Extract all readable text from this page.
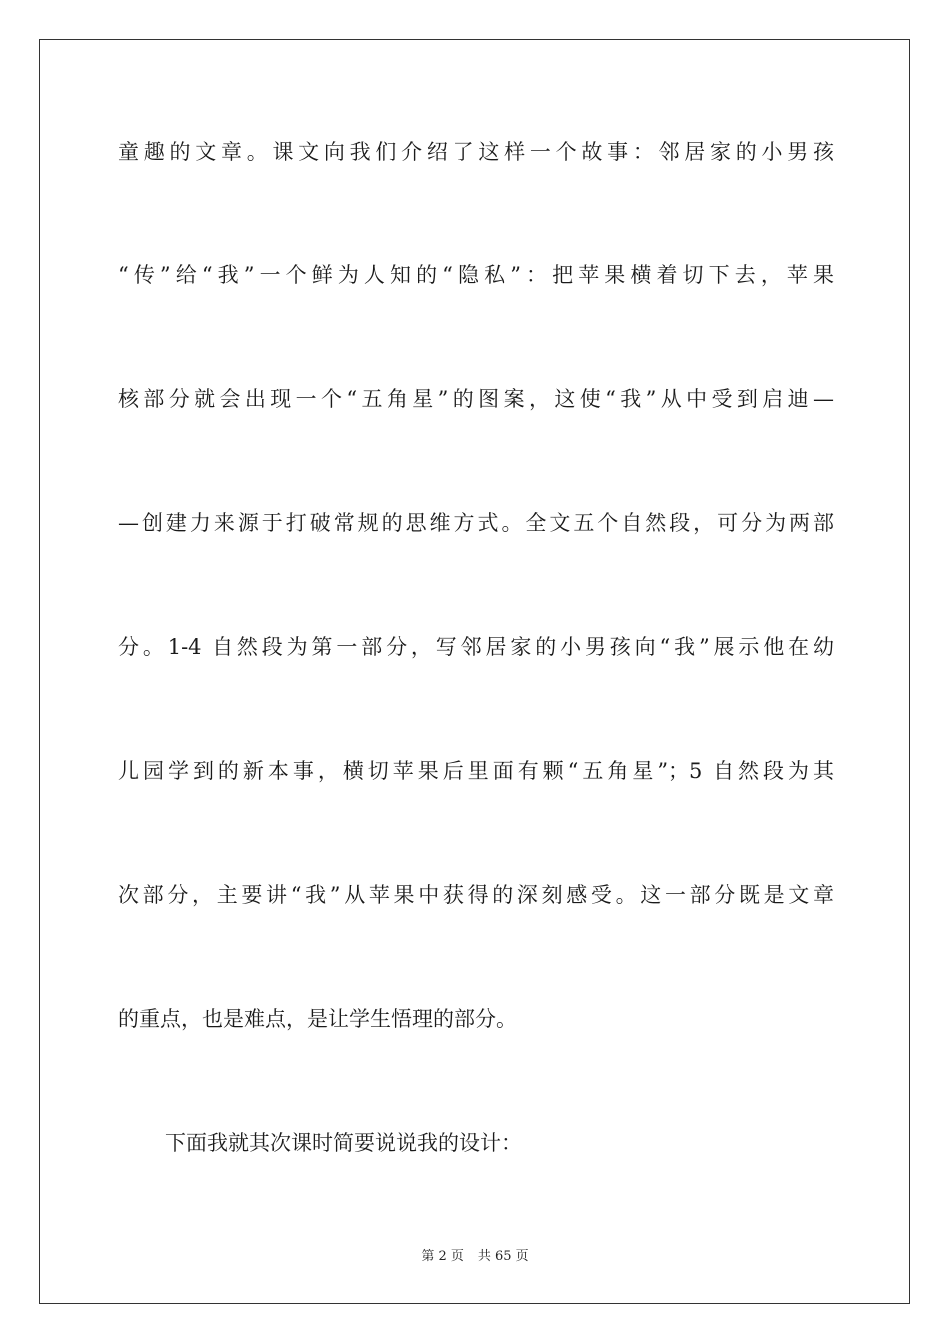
童趣的文章。课文向我们介绍了这样一个故事：邻居家的小男孩
“传”给“我”一个鲜为人知的“隐私”：把苹果横着切下去，苹果
核部分就会出现一个“五角星”的图案，这使“我”从中受到启迪—
—创建力来源于打破常规的思维方式。全文五个自然段，可分为两部
分。1-4 自然段为第一部分，写邻居家的小男孩向“我”展示他在幼
儿园学到的新本事，横切苹果后里面有颗“五角星”；5 自然段为其
次部分，主要讲“我”从苹果中获得的深刻感受。这一部分既是文章
的重点，也是难点，是让学生悟理的部分。
下面我就其次课时简要说说我的设计：
第 2 页 共 65 页
